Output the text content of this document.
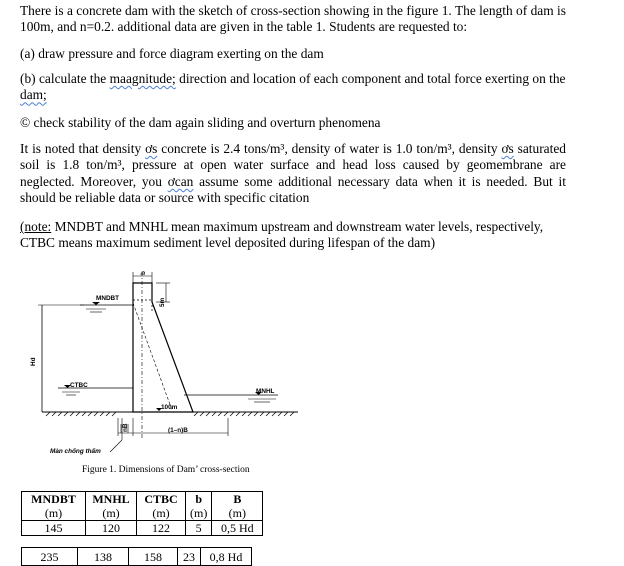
There is a concrete dam with the sketch of cross-section showing in the figure 1. The length of dam is 100m, and n=0.2. additional data are given in the table 1. Students are requested to:

(a) draw pressure and force diagram exerting on the dam

(b) calculate the maagnitude; direction and location of each component and total force exerting on the dam;

© check stability of the dam again sliding and overturn phenomena

It is noted that density ơs concrete is 2.4 tons/m³, density of water is 1.0 ton/m³, density ơs saturated soil is 1.8 ton/m³, pressure at open water surface and head loss caused by geomembrane are neglected. Moreover, you ơcan assume some additional necessary data when it is needed. But it should be reliable data or source with specific citation

(note: MNDBT and MNHL mean maximum upstream and downstream water levels, respectively, CTBC means maximum sediment level deposited during lifespan of the dam)

MNDBT
CTBC
MNHL
100m
Hd
b
5m
nB	(1–n)B
Màn chống thấm
Figure 1. Dimensions of Dam’ cross-section
MNDBT	MNHL	CTBC	b	B
(m)	(m)	(m)	(m)	(m)
145	120	122	5	0,5 Hd
235	138	158	23	0,8 Hd
